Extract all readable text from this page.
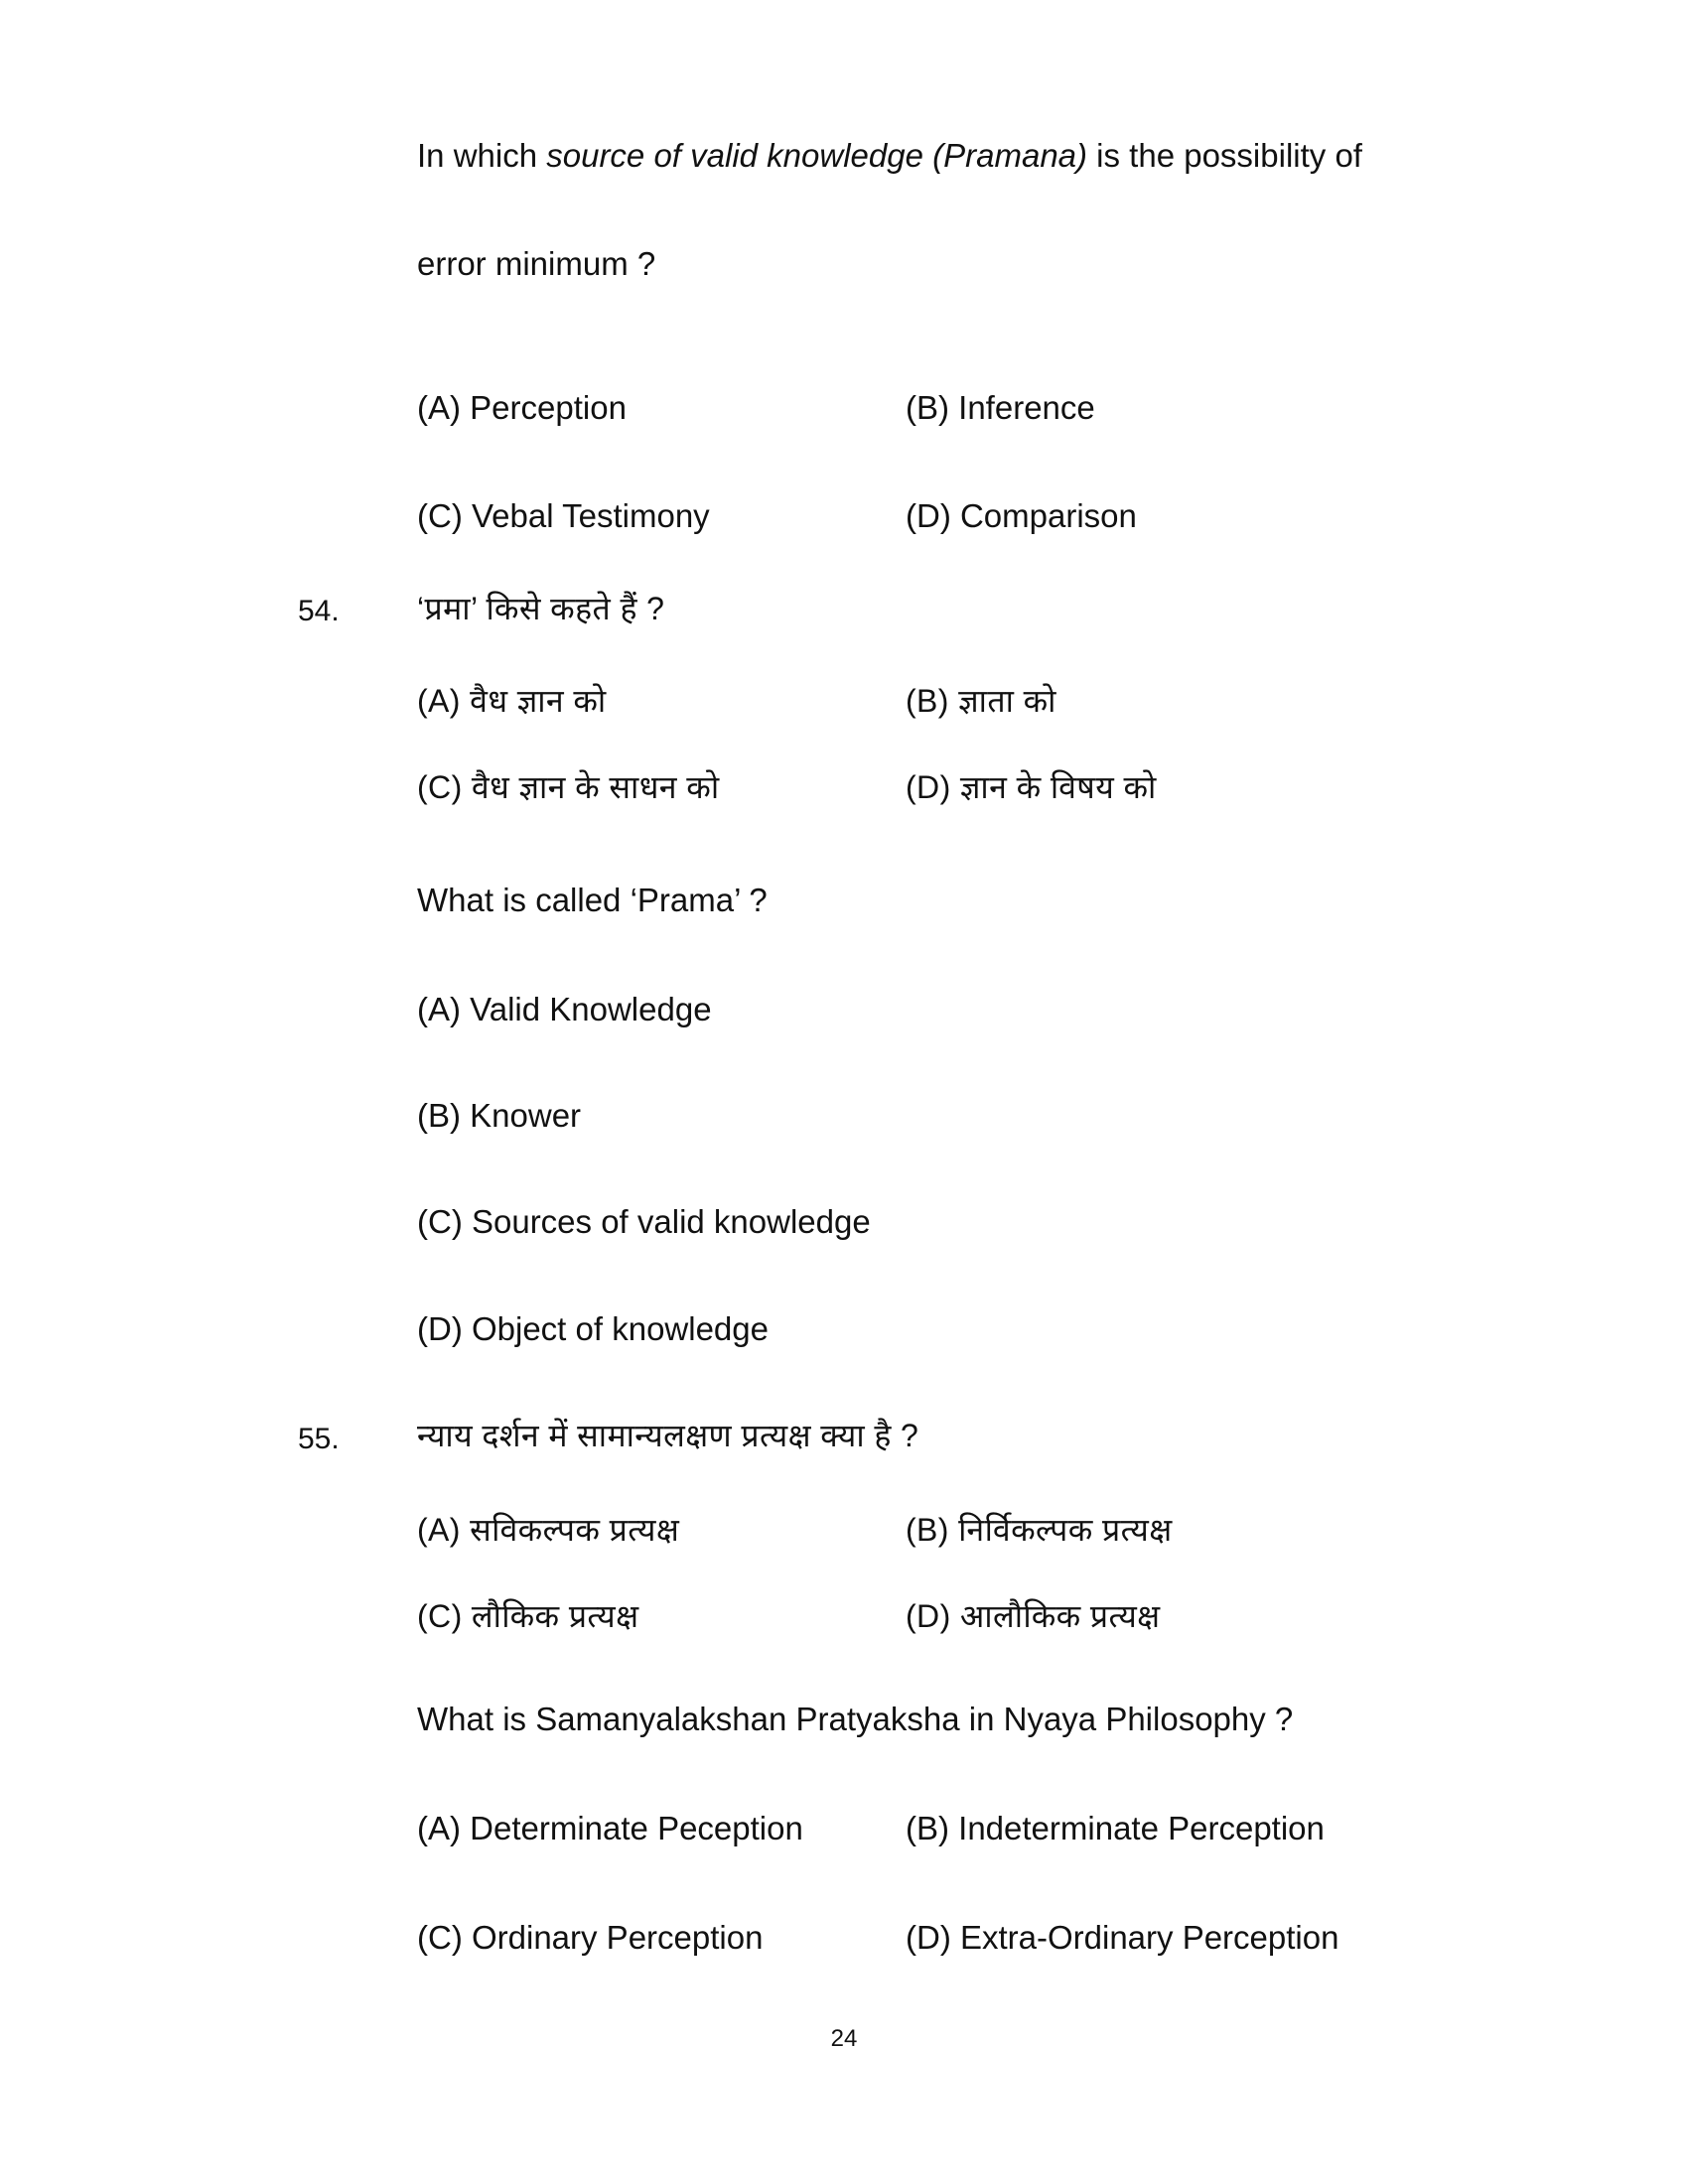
In which source of valid knowledge (Pramana) is the possibility of
error minimum ?
(A) Perception	(B) Inference
(C) Vebal Testimony	(D) Comparison
54. ‘प्रमा’ किसे कहते हैं ?
(A) वैध ज्ञान को	(B) ज्ञाता को
(C) वैध ज्ञान के साधन को	(D) ज्ञान के विषय को
What is called ‘Prama’ ?
(A) Valid Knowledge
(B) Knower
(C) Sources of valid knowledge
(D) Object of knowledge
55. न्याय दर्शन में सामान्यलक्षण प्रत्यक्ष क्या है ?
(A) सविकल्पक प्रत्यक्ष	(B) निर्विकल्पक प्रत्यक्ष
(C) लौकिक प्रत्यक्ष	(D) आलौकिक प्रत्यक्ष
What is Samanyalakshan Pratyaksha in Nyaya Philosophy ?
(A) Determinate Peception	(B) Indeterminate Perception
(C) Ordinary Perception	(D) Extra-Ordinary Perception
24
